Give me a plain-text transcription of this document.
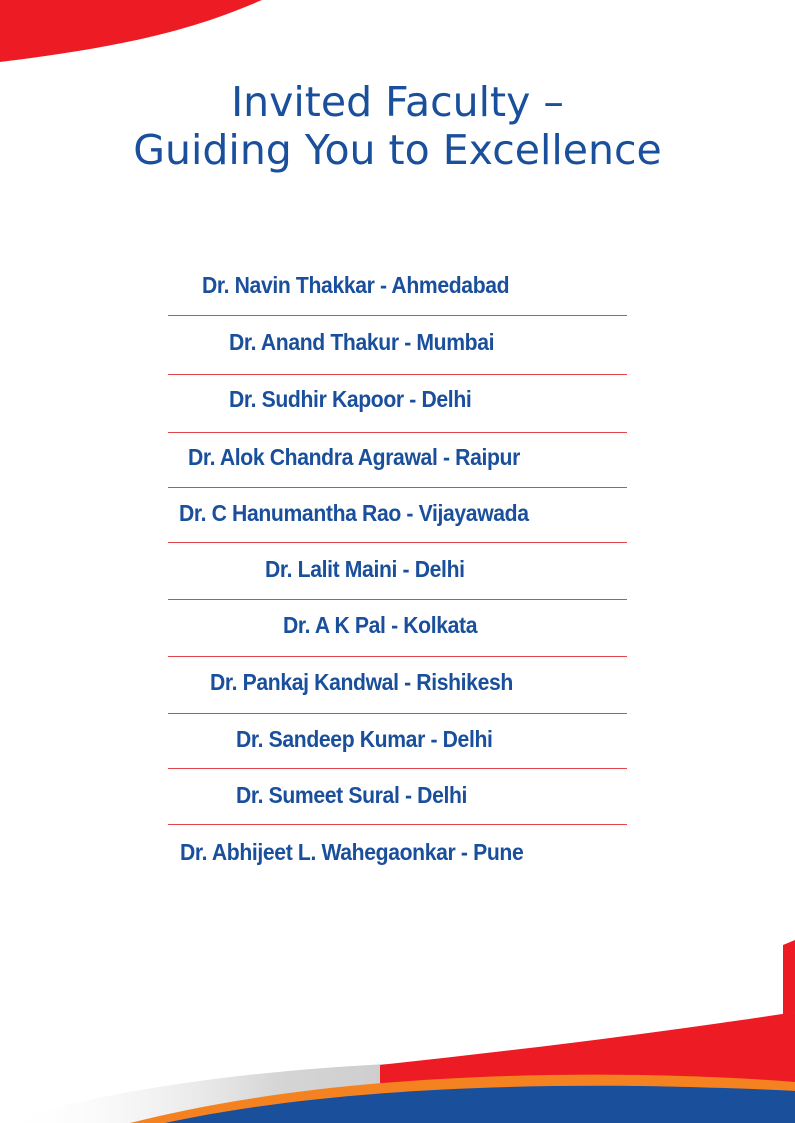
Invited Faculty –
Guiding You to Excellence
Dr. Navin Thakkar - Ahmedabad
Dr. Anand Thakur - Mumbai
Dr. Sudhir Kapoor - Delhi
Dr. Alok Chandra Agrawal - Raipur
Dr. C Hanumantha Rao - Vijayawada
Dr. Lalit Maini - Delhi
Dr. A K Pal - Kolkata
Dr. Pankaj Kandwal - Rishikesh
Dr. Sandeep Kumar - Delhi
Dr. Sumeet Sural - Delhi
Dr. Abhijeet L. Wahegaonkar - Pune
